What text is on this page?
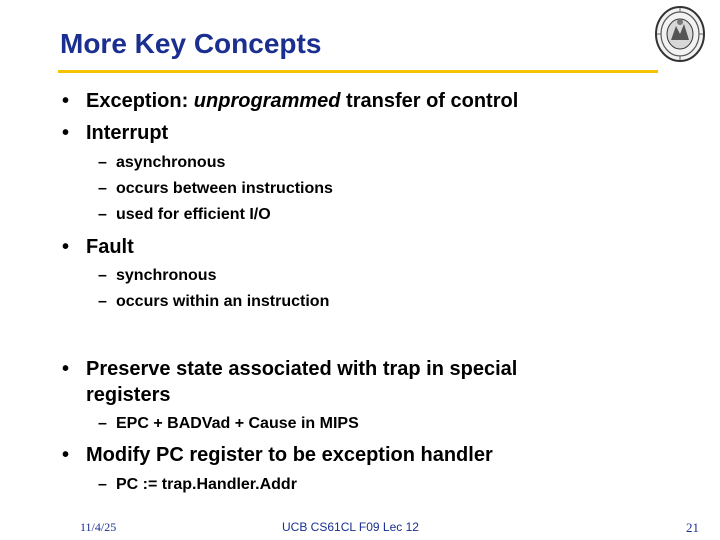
More Key Concepts
• Exception: unprogrammed transfer of control
• Interrupt
– asynchronous
– occurs between instructions
– used for efficient I/O
• Fault
– synchronous
– occurs within an instruction
• Preserve state associated with trap in special
registers
– EPC + BADVad + Cause in MIPS
• Modify PC register to be exception handler
– PC := trap.Handler.Addr
11/4/25	UCB CS61CL F09 Lec 12	21
